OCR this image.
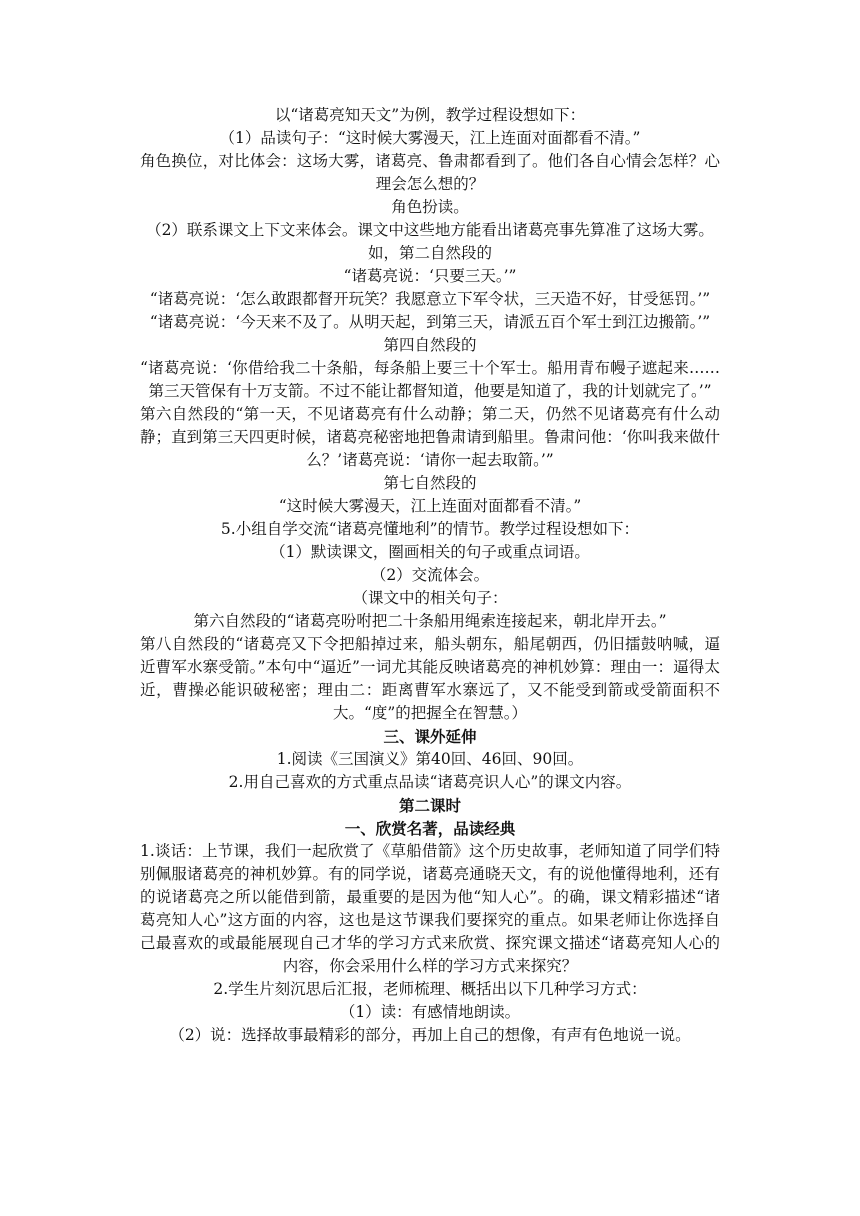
以“诸葛亮知天文”为例，教学过程设想如下：

（1）品读句子：“这时候大雾漫天，江上连面对面都看不清。”

角色换位，对比体会：这场大雾，诸葛亮、鲁肃都看到了。他们各自心情会怎样？心理会怎么想的？

角色扮读。

（2）联系课文上下文来体会。课文中这些地方能看出诸葛亮事先算准了这场大雾。

如，第二自然段的

“诸葛亮说：‘只要三天。’”

“诸葛亮说：‘怎么敢跟都督开玩笑？我愿意立下军令状，三天造不好，甘受惩罚。’”

“诸葛亮说：‘今天来不及了。从明天起，到第三天，请派五百个军士到江边搬箭。’”

第四自然段的

“诸葛亮说：‘你借给我二十条船，每条船上要三十个军士。船用青布幔子遮起来……第三天管保有十万支箭。不过不能让都督知道，他要是知道了，我的计划就完了。’”

第六自然段的“第一天，不见诸葛亮有什么动静；第二天，仍然不见诸葛亮有什么动静；直到第三天四更时候，诸葛亮秘密地把鲁肃请到船里。鲁肃问他：‘你叫我来做什么？’诸葛亮说：‘请你一起去取箭。’”

第七自然段的

“这时候大雾漫天，江上连面对面都看不清。”

5.小组自学交流“诸葛亮懂地利”的情节。教学过程设想如下：

（1）默读课文，圈画相关的句子或重点词语。

（2）交流体会。

（课文中的相关句子：

第六自然段的“诸葛亮吩咐把二十条船用绳索连接起来，朝北岸开去。”

第八自然段的“诸葛亮又下令把船掉过来，船头朝东，船尾朝西，仍旧擂鼓呐喊，逼近曹军水寨受箭。”本句中“逼近”一词尤其能反映诸葛亮的神机妙算：理由一：逼得太近，曹操必能识破秘密；理由二：距离曹军水寨远了，又不能受到箭或受箭面积不大。“度”的把握全在智慧。）

三、课外延伸

1.阅读《三国演义》第40回、46回、90回。

2.用自己喜欢的方式重点品读“诸葛亮识人心”的课文内容。

第二课时

一、欣赏名著，品读经典

1.谈话：上节课，我们一起欣赏了《草船借箭》这个历史故事，老师知道了同学们特别佩服诸葛亮的神机妙算。有的同学说，诸葛亮通晓天文，有的说他懂得地利，还有的说诸葛亮之所以能借到箭，最重要的是因为他“知人心”。的确，课文精彩描述“诸葛亮知人心”这方面的内容，这也是这节课我们要探究的重点。如果老师让你选择自己最喜欢的或最能展现自己才华的学习方式来欣赏、探究课文描述“诸葛亮知人心的内容，你会采用什么样的学习方式来探究？

2.学生片刻沉思后汇报，老师梳理、概括出以下几种学习方式：

（1）读：有感情地朗读。

（2）说：选择故事最精彩的部分，再加上自己的想像，有声有色地说一说。
